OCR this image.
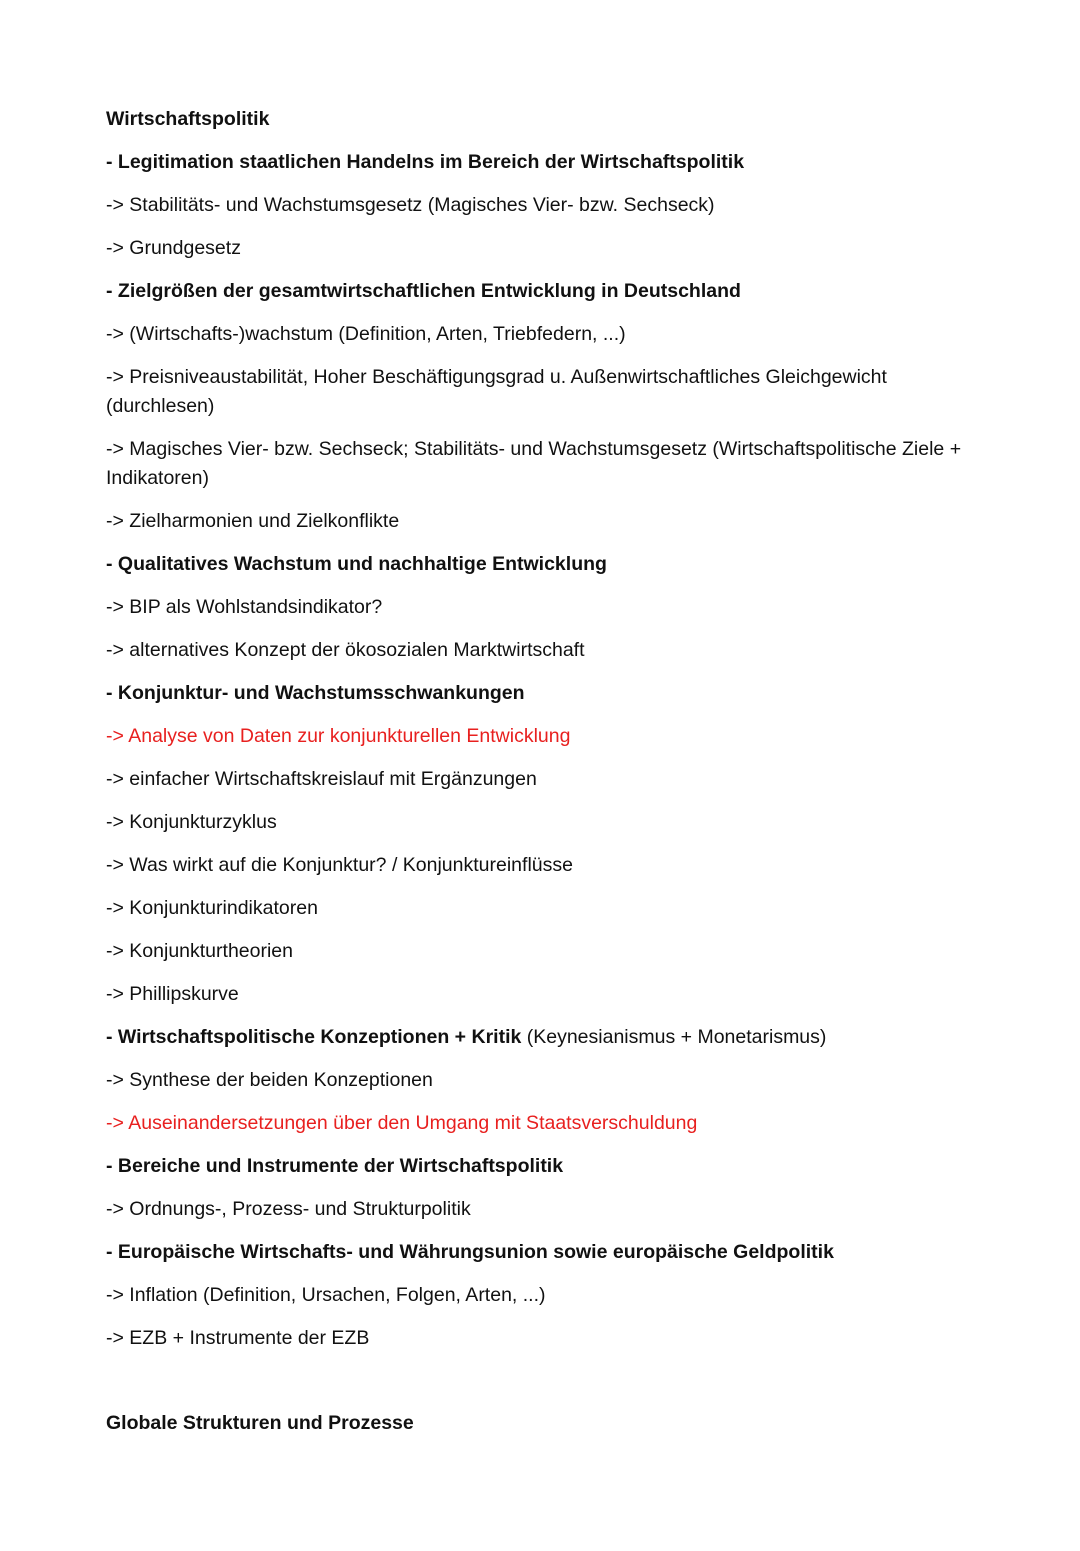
Wirtschaftspolitik
- Legitimation staatlichen Handelns im Bereich der Wirtschaftspolitik
-> Stabilitäts- und Wachstumsgesetz (Magisches Vier- bzw. Sechseck)
-> Grundgesetz
- Zielgrößen der gesamtwirtschaftlichen Entwicklung in Deutschland
-> (Wirtschafts-)wachstum (Definition, Arten, Triebfedern, ...)
-> Preisniveaustabilität, Hoher Beschäftigungsgrad u. Außenwirtschaftliches Gleichgewicht (durchlesen)
-> Magisches Vier- bzw. Sechseck; Stabilitäts- und Wachstumsgesetz (Wirtschaftspolitische Ziele + Indikatoren)
-> Zielharmonien und Zielkonflikte
- Qualitatives Wachstum und nachhaltige Entwicklung
-> BIP als Wohlstandsindikator?
-> alternatives Konzept der ökosozialen Marktwirtschaft
- Konjunktur- und Wachstumsschwankungen
-> Analyse von Daten zur konjunkturellen Entwicklung
-> einfacher Wirtschaftskreislauf mit Ergänzungen
-> Konjunkturzyklus
-> Was wirkt auf die Konjunktur? / Konjunktureinflüsse
-> Konjunkturindikatoren
-> Konjunkturtheorien
-> Phillipskurve
- Wirtschaftspolitische Konzeptionen + Kritik (Keynesianismus + Monetarismus)
-> Synthese der beiden Konzeptionen
-> Auseinandersetzungen über den Umgang mit Staatsverschuldung
- Bereiche und Instrumente der Wirtschaftspolitik
-> Ordnungs-, Prozess- und Strukturpolitik
- Europäische Wirtschafts- und Währungsunion sowie europäische Geldpolitik
-> Inflation (Definition, Ursachen, Folgen, Arten, ...)
-> EZB + Instrumente der EZB
Globale Strukturen und Prozesse
